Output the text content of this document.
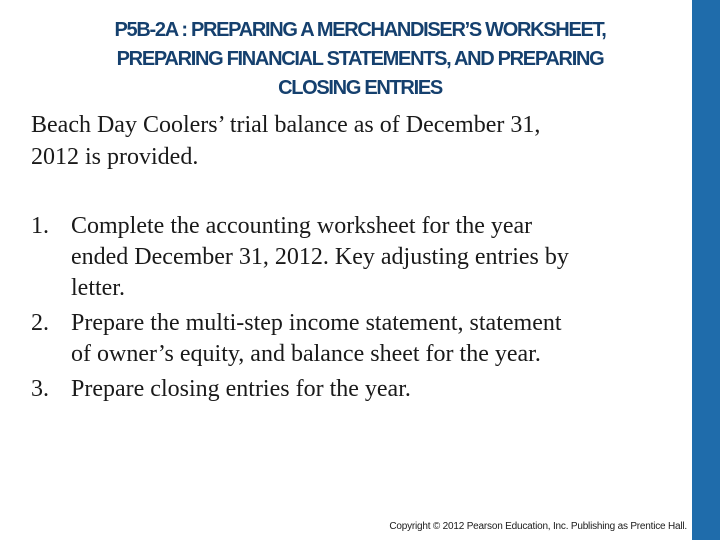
P5B-2A : PREPARING A MERCHANDISER’S WORKSHEET,
PREPARING FINANCIAL STATEMENTS, AND PREPARING
CLOSING ENTRIES
Beach Day Coolers’ trial balance as of December 31,
2012 is provided.
1. Complete the accounting worksheet for the year
ended December 31, 2012. Key adjusting entries by
letter.
2. Prepare the multi-step income statement, statement
of owner’s equity, and balance sheet for the year.
3. Prepare closing entries for the year.
Copyright © 2012 Pearson Education, Inc. Publishing as Prentice Hall.
